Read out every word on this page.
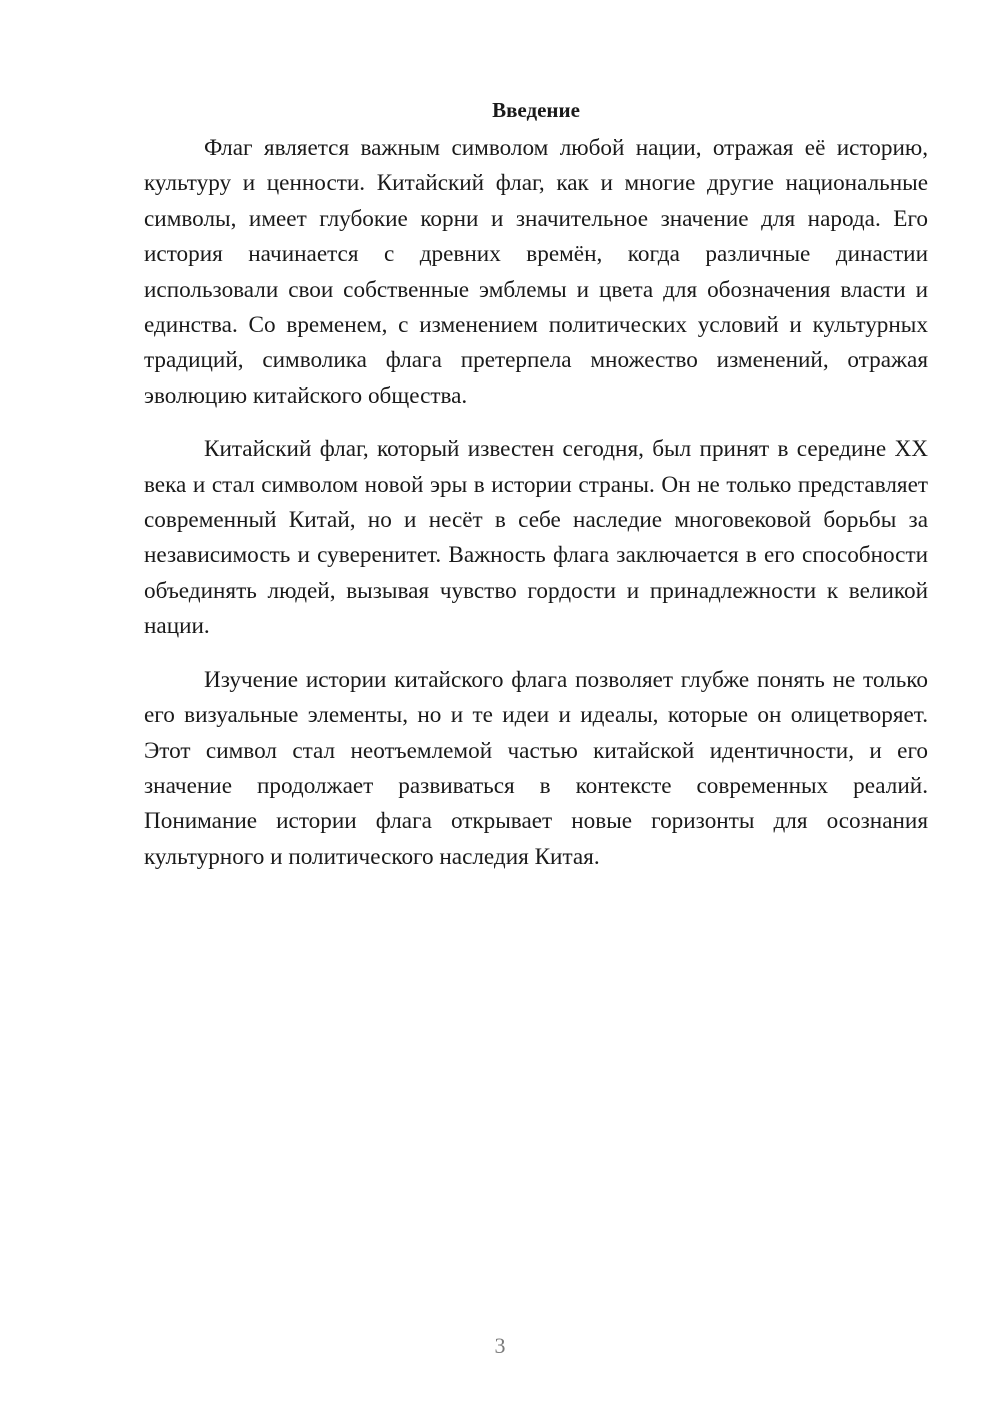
Введение

Флаг является важным символом любой нации, отражая её историю, культуру и ценности. Китайский флаг, как и многие другие национальные символы, имеет глубокие корни и значительное значение для народа. Его история начинается с древних времён, когда различные династии использовали свои собственные эмблемы и цвета для обозначения власти и единства. Со временем, с изменением политических условий и культурных традиций, символика флага претерпела множество изменений, отражая эволюцию китайского общества.

Китайский флаг, который известен сегодня, был принят в середине XX века и стал символом новой эры в истории страны. Он не только представляет современный Китай, но и несёт в себе наследие многовековой борьбы за независимость и суверенитет. Важность флага заключается в его способности объединять людей, вызывая чувство гордости и принадлежности к великой нации.

Изучение истории китайского флага позволяет глубже понять не только его визуальные элементы, но и те идеи и идеалы, которые он олицетворяет. Этот символ стал неотъемлемой частью китайской идентичности, и его значение продолжает развиваться в контексте современных реалий. Понимание истории флага открывает новые горизонты для осознания культурного и политического наследия Китая.

3
